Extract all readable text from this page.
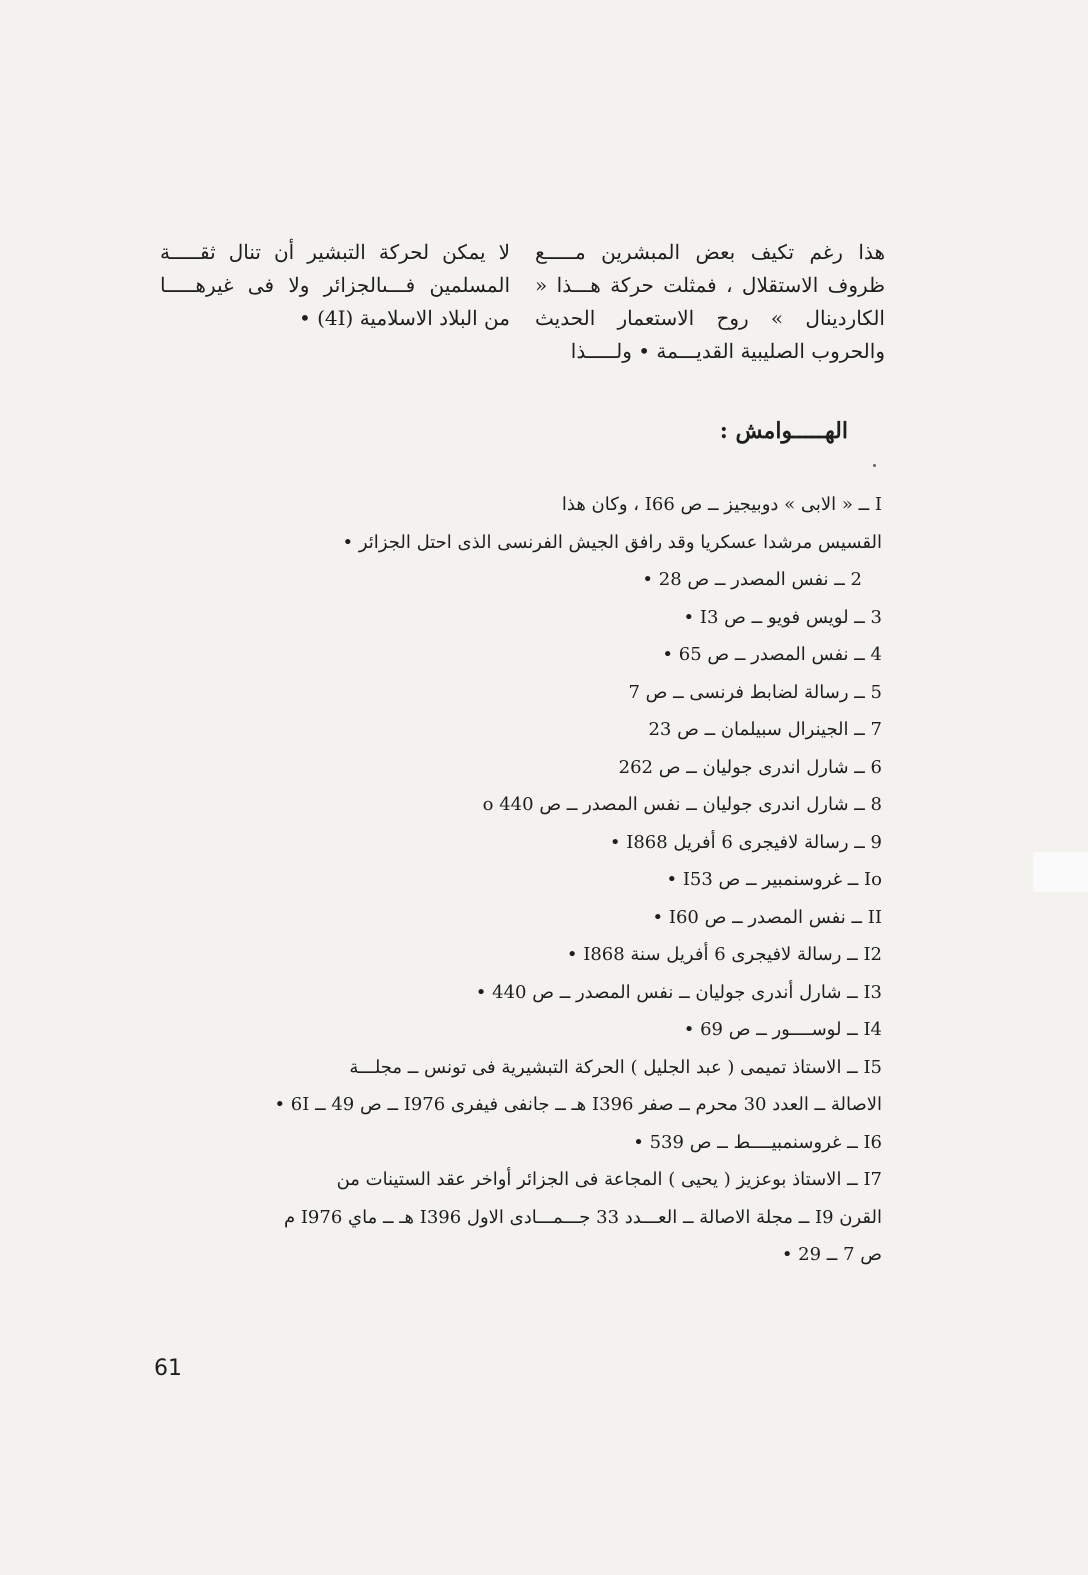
هذا رغم تكيف بعض المبشرين مـــــع ظروف الاستقلال ، فمثلت حركة هـــذا « الكاردينال » روح الاستعمار الحديث والحروب الصليبية القديـــمة • ولـــــذا

لا يمكن لحركة التبشير أن تنال ثقـــــة المسلمين فـــىالجزائر ولا فى غيرهـــــا من البلاد الاسلامية (4I) •

الهـــــوامش :
I ــ « الابى » دوبيجيز ــ ص I66 ، وكان هذا
القسيس مرشدا عسكريا وقد رافق الجيش الفرنسى الذى احتل الجزائر •
2 ــ نفس المصدر ــ ص 28 •
3 ــ لويس فويو ــ ص I3 •
4 ــ نفس المصدر ــ ص 65 •
5 ــ رسالة لضابط فرنسى ــ ص 7
7 ــ الجينرال سبيلمان ــ ص 23
6 ــ شارل اندرى جوليان ــ ص 262
8 ــ شارل اندرى جوليان ــ نفس المصدر ــ ص 440 o
9 ــ رسالة لافيجرى 6 أفريل I868 •
Io ــ غروسنمبير ــ ص I53 •
II ــ نفس المصدر ــ ص I60 •
I2 ــ رسالة لافيجرى 6 أفريل سنة I868 •
I3 ــ شارل أندرى جوليان ــ نفس المصدر ــ ص 440 •
I4 ــ لوســــور ــ ص 69 •
I5 ــ الاستاذ تميمى ( عبد الجليل ) الحركة التبشيرية فى تونس ــ مجلـــة
الاصالة ــ العدد 30 محرم ــ صفر I396 هـ ــ جانفى فيفرى I976 ــ ص 49 ــ 6I •
I6 ــ غروسنمبيــــط ــ ص 539 •
I7 ــ الاستاذ بوعزيز ( يحيى ) المجاعة فى الجزائر أواخر عقد الستينات من
القرن I9 ــ مجلة الاصالة ــ العـــدد 33 جـــمـــادى الاول I396 هـ ــ ماي I976 م
ص 7 ــ 29 •
61
